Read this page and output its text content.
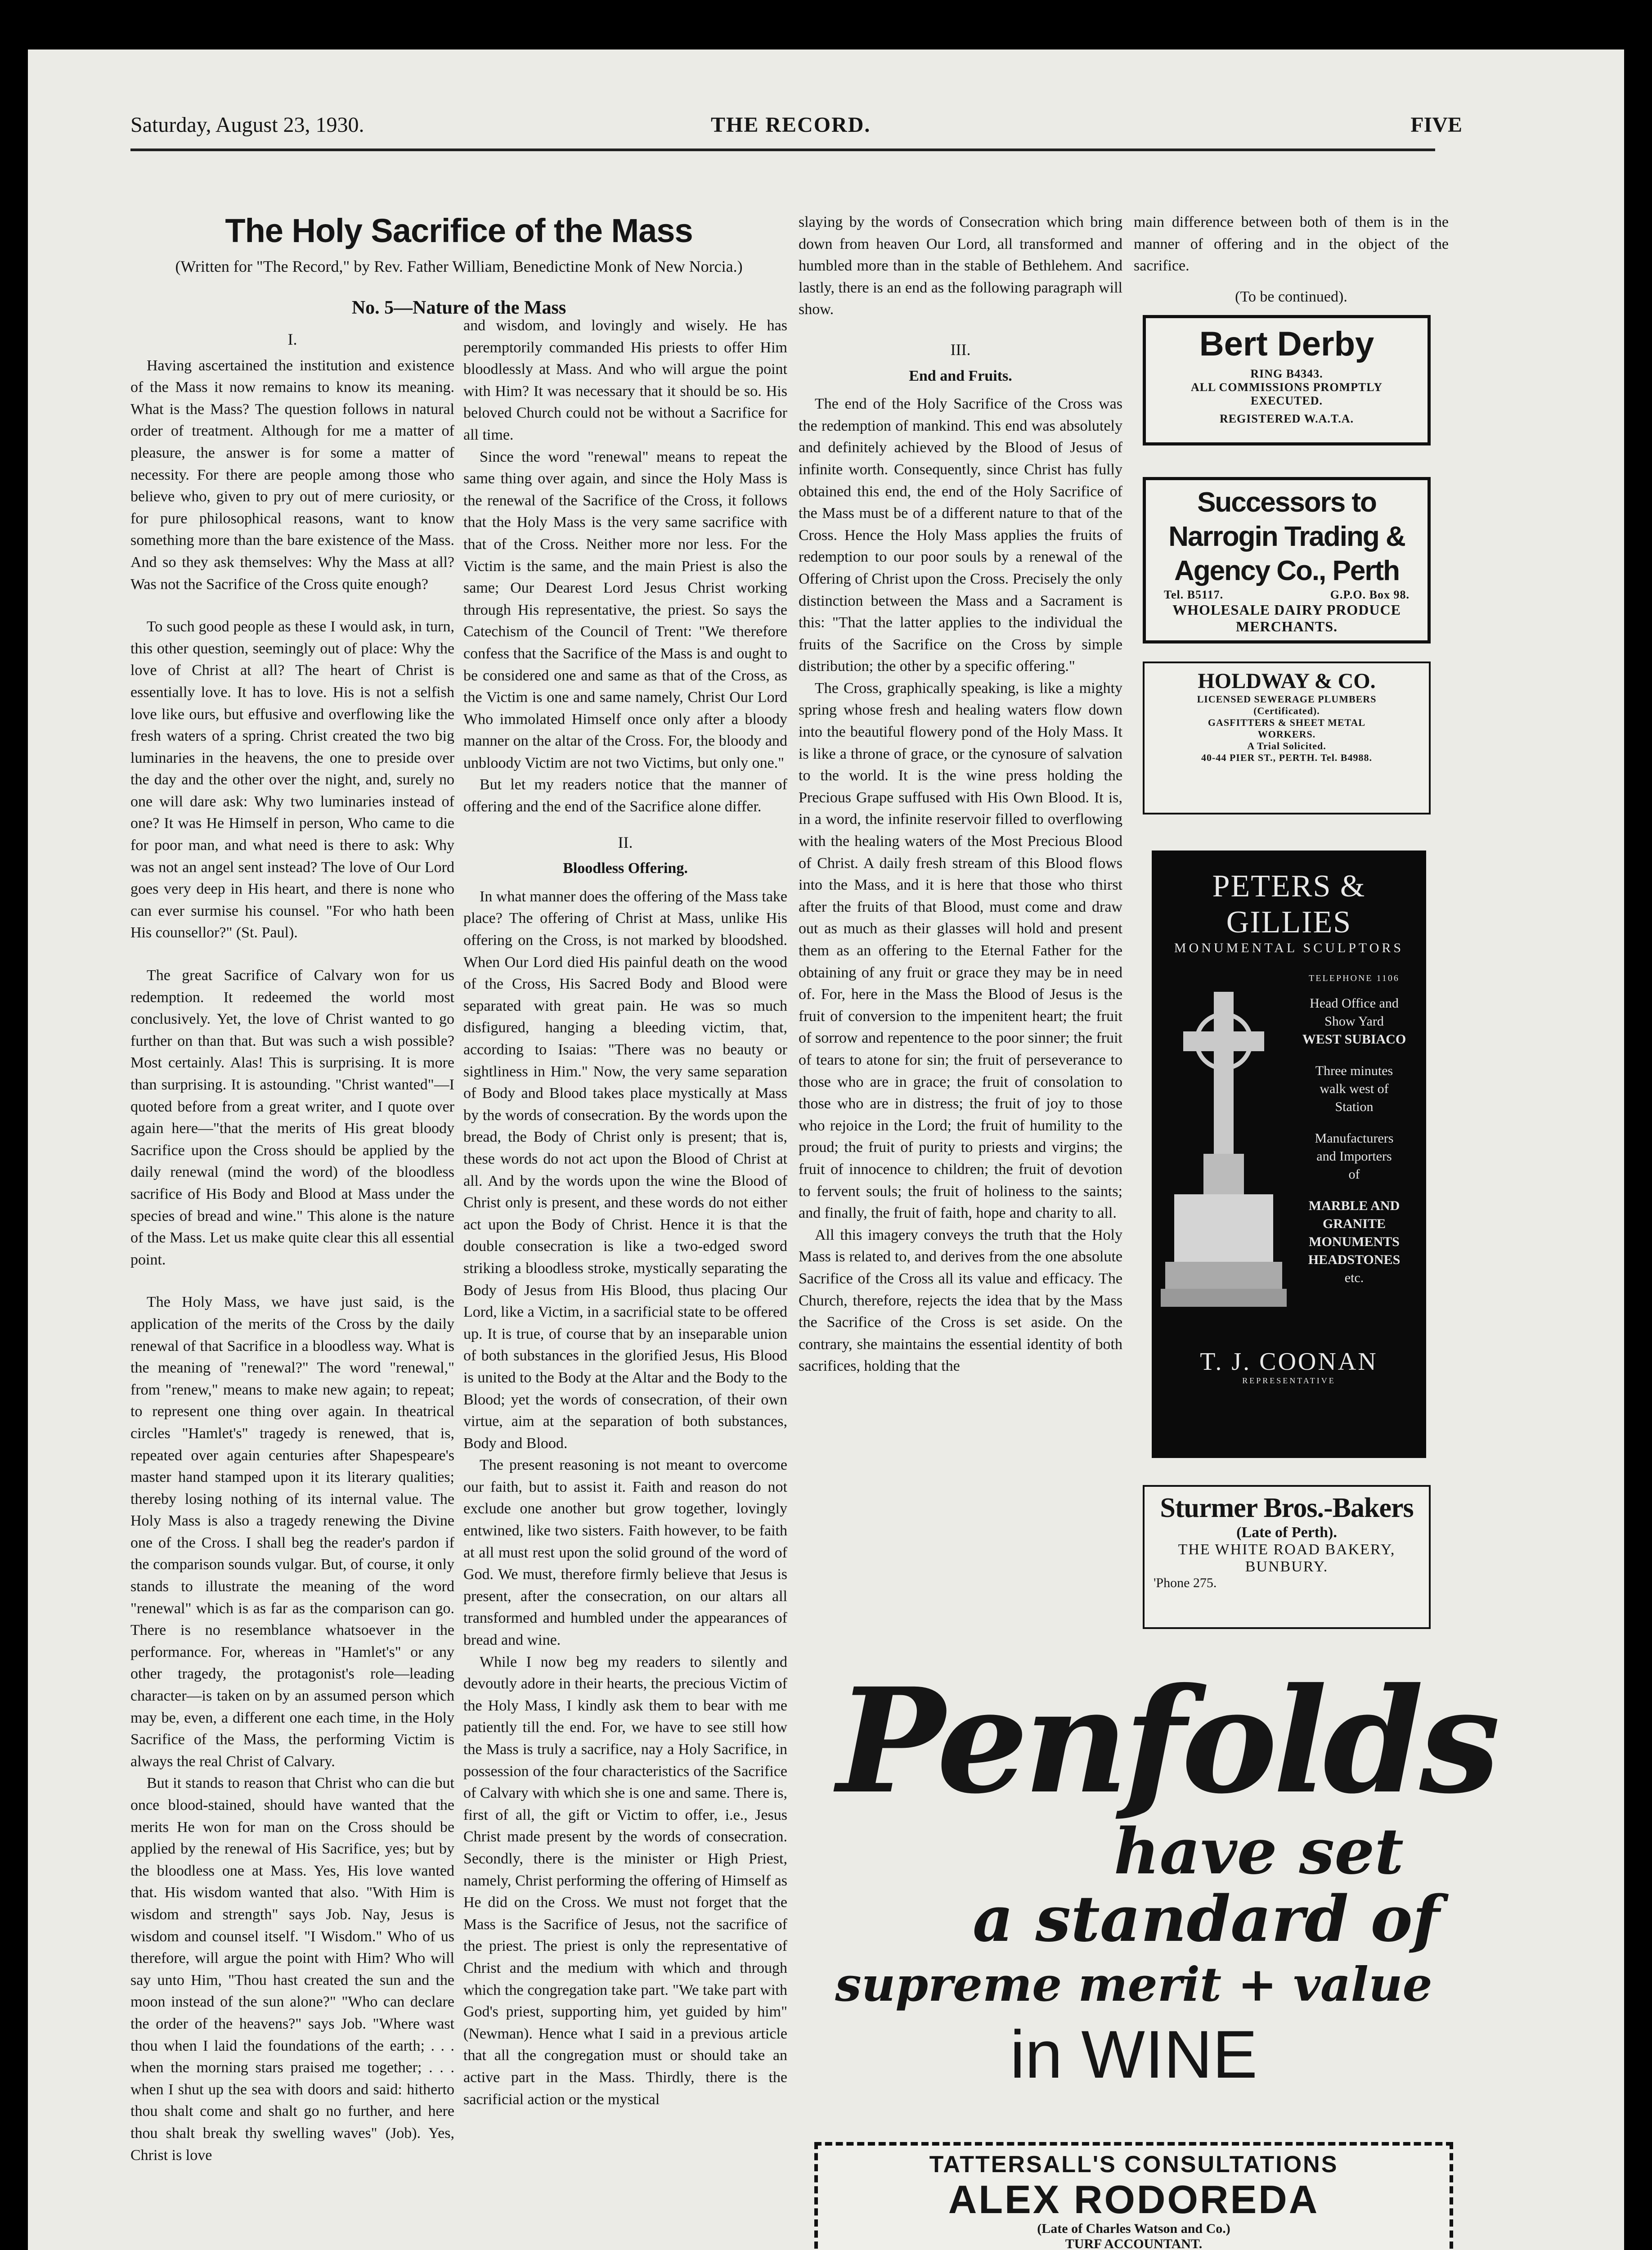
Saturday, August 23, 1930.	THE RECORD.	FIVE
The Holy Sacrifice of the Mass
(Written for "The Record," by Rev. Father William, Benedictine Monk of New Norcia.)
No. 5—Nature of the Mass
I.

Having ascertained the institution and existence of the Mass it now remains to know its meaning. What is the Mass? The question follows in natural order of treatment. Although for me a matter of pleasure, the answer is for some a matter of necessity. For there are people among those who believe who, given to pry out of mere curiosity, or for pure philosophical reasons, want to know something more than the bare existence of the Mass. And so they ask themselves: Why the Mass at all? Was not the Sacrifice of the Cross quite enough?

To such good people as these I would ask, in turn, this other question, seemingly out of place: Why the love of Christ at all? The heart of Christ is essentially love. It has to love. His is not a selfish love like ours, but effusive and overflowing like the fresh waters of a spring. Christ created the two big luminaries in the heavens, the one to preside over the day and the other over the night, and, surely no one will dare ask: Why two luminaries instead of one? It was He Himself in person, Who came to die for poor man, and what need is there to ask: Why was not an angel sent instead? The love of Our Lord goes very deep in His heart, and there is none who can ever surmise his counsel. "For who hath been His counsellor?" (St. Paul).

The great Sacrifice of Calvary won for us redemption. It redeemed the world most conclusively. Yet, the love of Christ wanted to go further on than that. But was such a wish possible? Most certainly. Alas! This is surprising. It is more than surprising. It is astounding. "Christ wanted"—I quoted before from a great writer, and I quote over again here—"that the merits of His great bloody Sacrifice upon the Cross should be applied by the daily renewal (mind the word) of the bloodless sacrifice of His Body and Blood at Mass under the species of bread and wine." This alone is the nature of the Mass. Let us make quite clear this all essential point.

The Holy Mass, we have just said, is the application of the merits of the Cross by the daily renewal of that Sacrifice in a bloodless way. What is the meaning of "renewal?" The word "renewal," from "renew," means to make new again; to repeat; to represent one thing over again. In theatrical circles "Hamlet's" tragedy is renewed, that is, repeated over again centuries after Shapespeare's master hand stamped upon it its literary qualities; thereby losing nothing of its internal value. The Holy Mass is also a tragedy renewing the Divine one of the Cross. I shall beg the reader's pardon if the comparison sounds vulgar. But, of course, it only stands to illustrate the meaning of the word "renewal" which is as far as the comparison can go. There is no resemblance whatsoever in the performance. For, whereas in "Hamlet's" or any other tragedy, the protagonist's role—leading character—is taken on by an assumed person which may be, even, a different one each time, in the Holy Sacrifice of the Mass, the performing Victim is always the real Christ of Calvary.

But it stands to reason that Christ who can die but once blood-stained, should have wanted that the merits He won for man on the Cross should be applied by the renewal of His Sacrifice, yes; but by the bloodless one at Mass. Yes, His love wanted that. His wisdom wanted that also. "With Him is wisdom and strength" says Job. Nay, Jesus is wisdom and counsel itself. "I Wisdom." Who of us therefore, will argue the point with Him? Who will say unto Him, "Thou hast created the sun and the moon instead of the sun alone?" "Who can declare the order of the heavens?" says Job. "Where wast thou when I laid the foundations of the earth; . . . when the morning stars praised me together; . . . when I shut up the sea with doors and said: hitherto thou shalt come and shalt go no further, and here thou shalt break thy swelling waves" (Job). Yes, Christ is love

and wisdom, and lovingly and wisely. He has peremptorily commanded His priests to offer Him bloodlessly at Mass. And who will argue the point with Him? It was necessary that it should be so. His beloved Church could not be without a Sacrifice for all time.

Since the word "renewal" means to repeat the same thing over again, and since the Holy Mass is the renewal of the Sacrifice of the Cross, it follows that the Holy Mass is the very same sacrifice with that of the Cross. Neither more nor less. For the Victim is the same, and the main Priest is also the same; Our Dearest Lord Jesus Christ working through His representative, the priest. So says the Catechism of the Council of Trent: "We therefore confess that the Sacrifice of the Mass is and ought to be considered one and same as that of the Cross, as the Victim is one and same namely, Christ Our Lord Who immolated Himself once only after a bloody manner on the altar of the Cross. For, the bloody and unbloody Victim are not two Victims, but only one."

But let my readers notice that the manner of offering and the end of the Sacrifice alone differ.

II.
Bloodless Offering.

In what manner does the offering of the Mass take place? The offering of Christ at Mass, unlike His offering on the Cross, is not marked by bloodshed. When Our Lord died His painful death on the wood of the Cross, His Sacred Body and Blood were separated with great pain. He was so much disfigured, hanging a bleeding victim, that, according to Isaias: "There was no beauty or sightliness in Him." Now, the very same separation of Body and Blood takes place mystically at Mass by the words of consecration. By the words upon the bread, the Body of Christ only is present; that is, these words do not act upon the Blood of Christ at all. And by the words upon the wine the Blood of Christ only is present, and these words do not either act upon the Body of Christ. Hence it is that the double consecration is like a two-edged sword striking a bloodless stroke, mystically separating the Body of Jesus from His Blood, thus placing Our Lord, like a Victim, in a sacrificial state to be offered up. It is true, of course that by an inseparable union of both substances in the glorified Jesus, His Blood is united to the Body at the Altar and the Body to the Blood; yet the words of consecration, of their own virtue, aim at the separation of both substances, Body and Blood.

The present reasoning is not meant to overcome our faith, but to assist it. Faith and reason do not exclude one another but grow together, lovingly entwined, like two sisters. Faith however, to be faith at all must rest upon the solid ground of the word of God. We must, therefore firmly believe that Jesus is present, after the consecration, on our altars all transformed and humbled under the appearances of bread and wine.

While I now beg my readers to silently and devoutly adore in their hearts, the precious Victim of the Holy Mass, I kindly ask them to bear with me patiently till the end. For, we have to see still how the Mass is truly a sacrifice, nay a Holy Sacrifice, in possession of the four characteristics of the Sacrifice of Calvary with which she is one and same. There is, first of all, the gift or Victim to offer, i.e., Jesus Christ made present by the words of consecration. Secondly, there is the minister or High Priest, namely, Christ performing the offering of Himself as He did on the Cross. We must not forget that the Mass is the Sacrifice of Jesus, not the sacrifice of the priest. The priest is only the representative of Christ and the medium with which and through which the congregation take part. "We take part with God's priest, supporting him, yet guided by him" (Newman). Hence what I said in a previous article that all the congregation must or should take an active part in the Mass. Thirdly, there is the sacrificial action or the mystical

slaying by the words of Consecration which bring down from heaven Our Lord, all transformed and humbled more than in the stable of Bethlehem. And lastly, there is an end as the following paragraph will show.

III.
End and Fruits.

The end of the Holy Sacrifice of the Cross was the redemption of mankind. This end was absolutely and definitely achieved by the Blood of Jesus of infinite worth. Consequently, since Christ has fully obtained this end, the end of the Holy Sacrifice of the Mass must be of a different nature to that of the Cross. Hence the Holy Mass applies the fruits of redemption to our poor souls by a renewal of the Offering of Christ upon the Cross. Precisely the only distinction between the Mass and a Sacrament is this: "That the latter applies to the individual the fruits of the Sacrifice on the Cross by simple distribution; the other by a specific offering."

The Cross, graphically speaking, is like a mighty spring whose fresh and healing waters flow down into the beautiful flowery pond of the Holy Mass. It is like a throne of grace, or the cynosure of salvation to the world. It is the wine press holding the Precious Grape suffused with His Own Blood. It is, in a word, the infinite reservoir filled to overflowing with the healing waters of the Most Precious Blood of Christ. A daily fresh stream of this Blood flows into the Mass, and it is here that those who thirst after the fruits of that Blood, must come and draw out as much as their glasses will hold and present them as an offering to the Eternal Father for the obtaining of any fruit or grace they may be in need of. For, here in the Mass the Blood of Jesus is the fruit of conversion to the impenitent heart; the fruit of sorrow and repentence to the poor sinner; the fruit of tears to atone for sin; the fruit of perseverance to those who are in grace; the fruit of consolation to those who are in distress; the fruit of joy to those who rejoice in the Lord; the fruit of humility to the proud; the fruit of purity to priests and virgins; the fruit of innocence to children; the fruit of devotion to fervent souls; the fruit of holiness to the saints; and finally, the fruit of faith, hope and charity to all.

All this imagery conveys the truth that the Holy Mass is related to, and derives from the one absolute Sacrifice of the Cross all its value and efficacy. The Church, therefore, rejects the idea that by the Mass the Sacrifice of the Cross is set aside. On the contrary, she maintains the essential identity of both sacrifices, holding that the

main difference between both of them is in the manner of offering and in the object of the sacrifice.

(To be continued).
Bert Derby
RING B4343.
ALL COMMISSIONS PROMPTLY
EXECUTED.
REGISTERED W.A.T.A.
Successors to Narrogin Trading & Agency Co., Perth
Tel. B5117.	G.P.O. Box 98.
WHOLESALE DAIRY PRODUCE
MERCHANTS.
HOLDWAY & CO.
LICENSED SEWERAGE PLUMBERS
(Certificated).
GASFITTERS & SHEET METAL
WORKERS.
A Trial Solicited.
40-44 PIER ST., PERTH. Tel. B4988.
PETERS & GILLIES
MONUMENTAL SCULPTORS
TELEPHONE 1106
Head Office and
Show Yard
WEST SUBIACO
Three minutes
walk west of
Station
Manufacturers
and Importers
of
MARBLE AND
GRANITE
MONUMENTS
HEADSTONES
etc.
T. J. COONAN
REPRESENTATIVE
Sturmer Bros.-Bakers
(Late of Perth).
THE WHITE ROAD BAKERY,
BUNBURY.
'Phone 275.
Penfolds
have set
a standard of
supreme merit + value
in WINE
TATTERSALL'S CONSULTATIONS
ALEX RODOREDA
(Late of Charles Watson and Co.)
TURF ACCOUNTANT.
